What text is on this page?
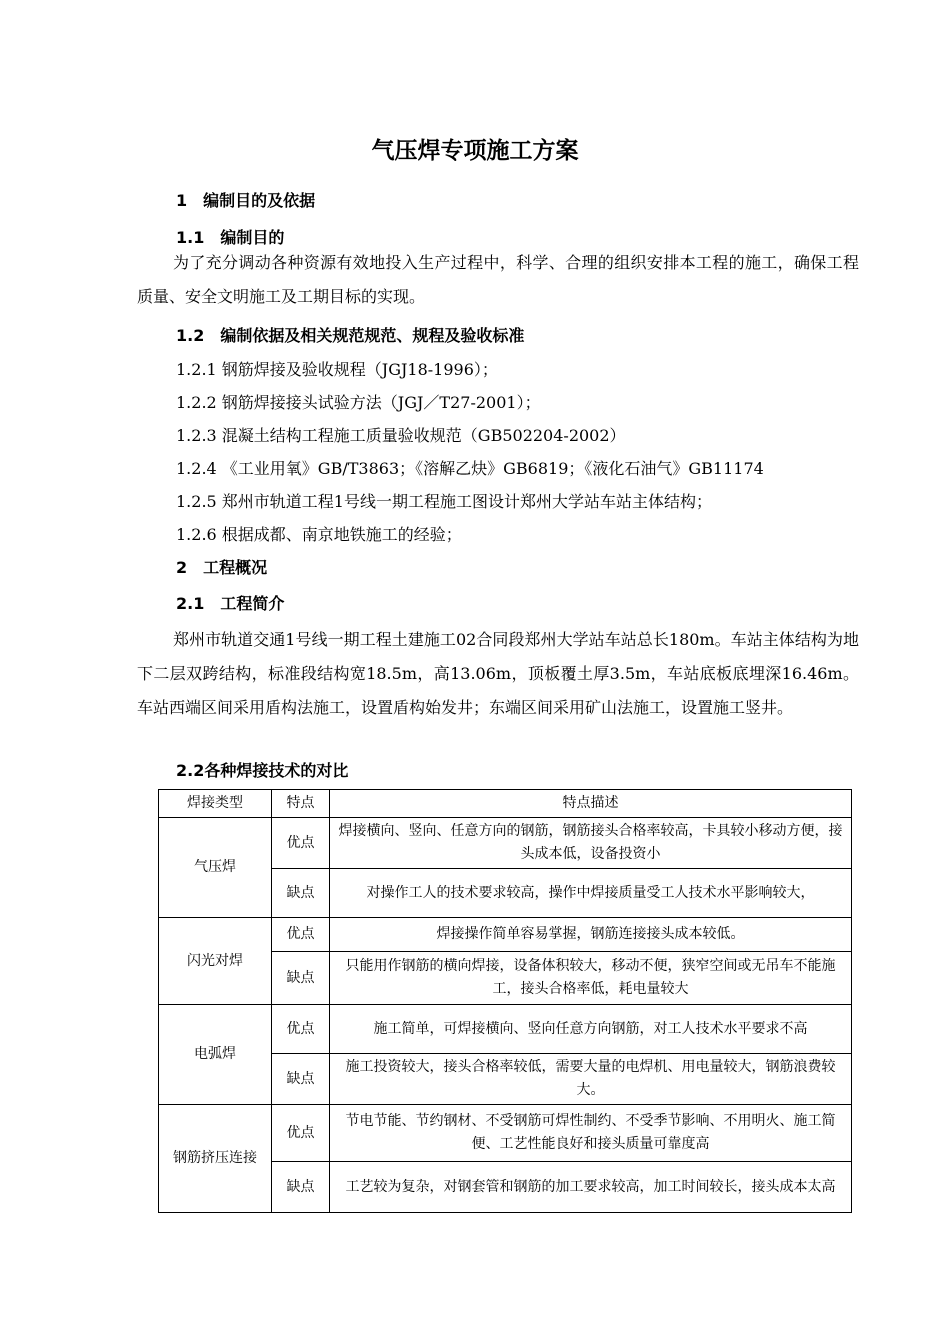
气压焊专项施工方案
1　编制目的及依据
1.1　编制目的
为了充分调动各种资源有效地投入生产过程中，科学、合理的组织安排本工程的施工，确保工程质量、安全文明施工及工期目标的实现。
1.2　编制依据及相关规范规范、规程及验收标准
1.2.1 钢筋焊接及验收规程（JGJ18-1996）；
1.2.2 钢筋焊接接头试验方法（JGJ／T27-2001）；
1.2.3 混凝土结构工程施工质量验收规范（GB502204-2002）
1.2.4 《工业用氧》GB/T3863；《溶解乙炔》GB6819；《液化石油气》GB11174
1.2.5 郑州市轨道工程1号线一期工程施工图设计郑州大学站车站主体结构；
1.2.6 根据成都、南京地铁施工的经验；
2　工程概况
2.1　工程简介
郑州市轨道交通1号线一期工程土建施工02合同段郑州大学站车站总长180m。车站主体结构为地下二层双跨结构，标准段结构宽18.5m，高13.06m，顶板覆土厚3.5m，车站底板底埋深16.46m。车站西端区间采用盾构法施工，设置盾构始发井；东端区间采用矿山法施工，设置施工竖井。
2.2各种焊接技术的对比
焊接类型	特点	特点描述
气压焊	优点	焊接横向、竖向、任意方向的钢筋，钢筋接头合格率较高，卡具较小移动方便，接头成本低，设备投资小
	缺点	对操作工人的技术要求较高，操作中焊接质量受工人技术水平影响较大，
闪光对焊	优点	焊接操作简单容易掌握，钢筋连接接头成本较低。
	缺点	只能用作钢筋的横向焊接，设备体积较大，移动不便，狭窄空间或无吊车不能施工，接头合格率低，耗电量较大
电弧焊	优点	施工简单，可焊接横向、竖向任意方向钢筋，对工人技术水平要求不高
	缺点	施工投资较大，接头合格率较低，需要大量的电焊机、用电量较大，钢筋浪费较大。
钢筋挤压连接	优点	节电节能、节约钢材、不受钢筋可焊性制约、不受季节影响、不用明火、施工简便、工艺性能良好和接头质量可靠度高
	缺点	工艺较为复杂，对钢套管和钢筋的加工要求较高，加工时间较长，接头成本太高
